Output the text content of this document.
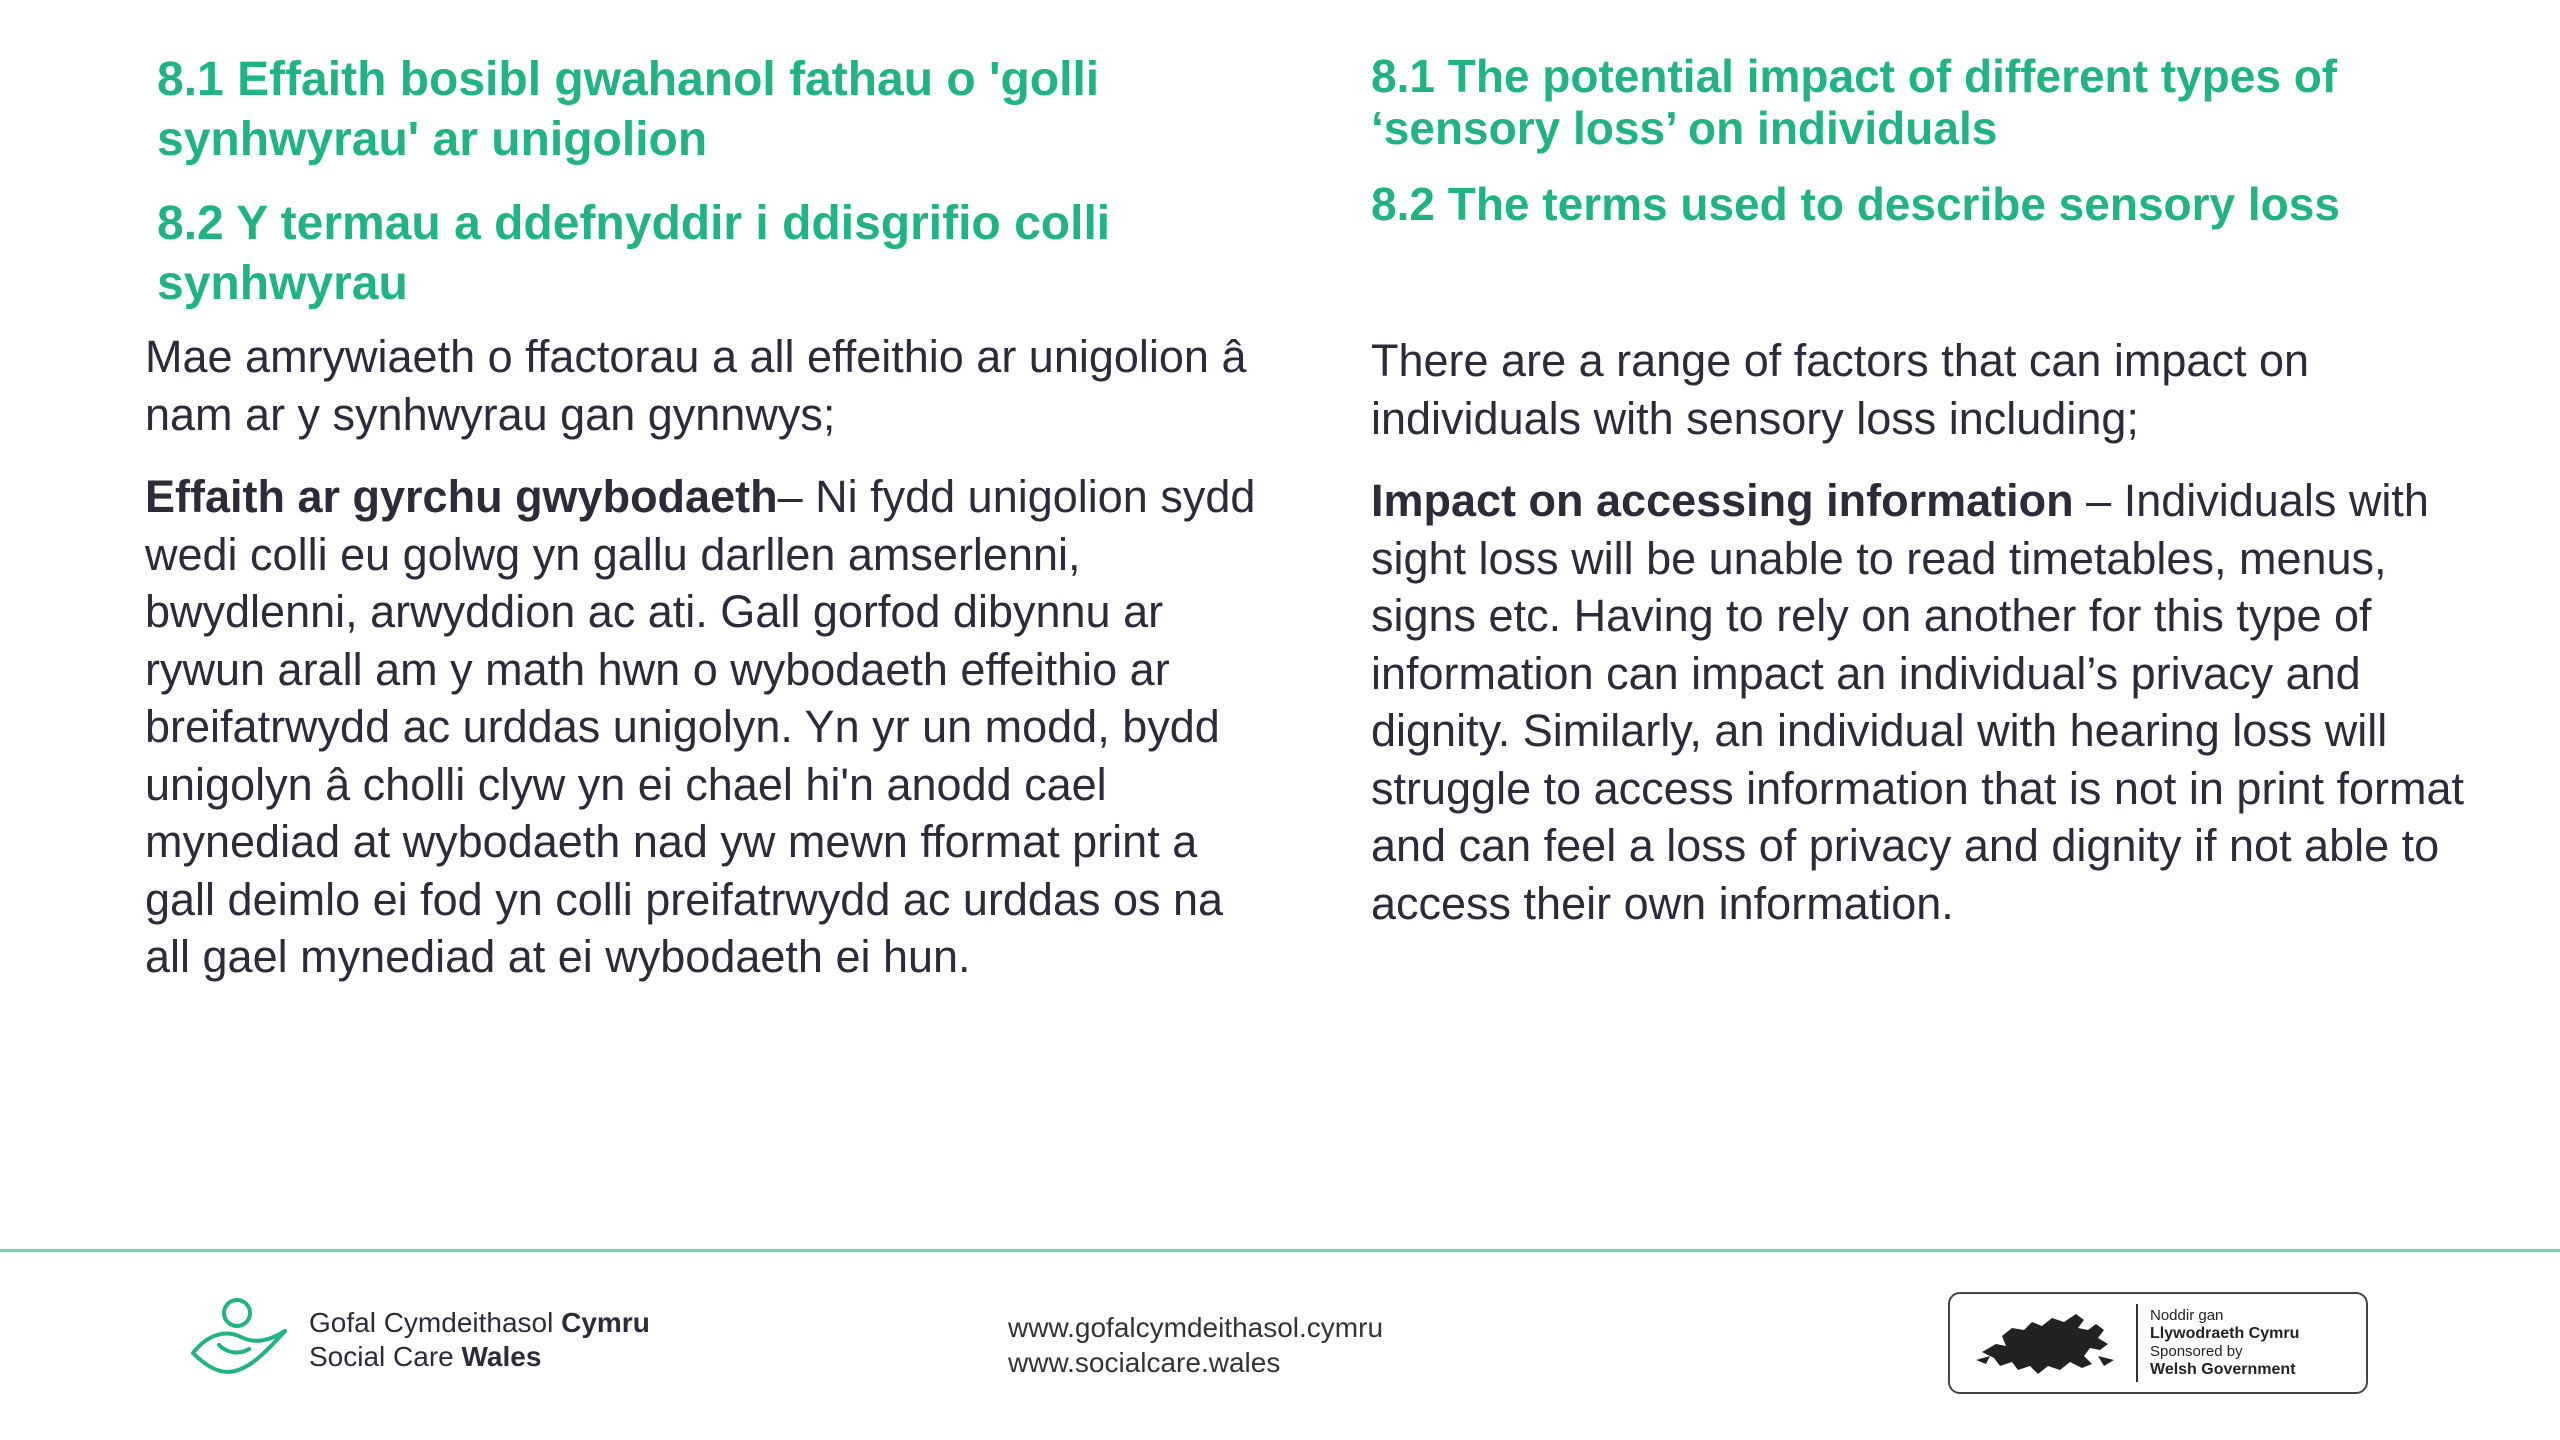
8.1 Effaith bosibl gwahanol fathau o 'golli synhwyrau' ar unigolion

8.2 Y termau a ddefnyddir i ddisgrifio colli synhwyrau

Mae amrywiaeth o ffactorau a all effeithio ar unigolion â nam ar y synhwyrau gan gynnwys;

Effaith ar gyrchu gwybodaeth– Ni fydd unigolion sydd wedi colli eu golwg yn gallu darllen amserlenni, bwydlenni, arwyddion ac ati. Gall gorfod dibynnu ar rywun arall am y math hwn o wybodaeth effeithio ar breifatrwydd ac urddas unigolyn. Yn yr un modd, bydd unigolyn â cholli clyw yn ei chael hi'n anodd cael mynediad at wybodaeth nad yw mewn fformat print a gall deimlo ei fod yn colli preifatrwydd ac urddas os na all gael mynediad at ei wybodaeth ei hun.

8.1 The potential impact of different types of ‘sensory loss’ on individuals

8.2 The terms used to describe sensory loss

There are a range of factors that can impact on individuals with sensory loss including;

Impact on accessing information – Individuals with sight loss will be unable to read timetables, menus, signs etc. Having to rely on another for this type of information can impact an individual’s privacy and dignity. Similarly, an individual with hearing loss will struggle to access information that is not in print format and can feel a loss of privacy and dignity if not able to access their own information.

Gofal Cymdeithasol Cymru
Social Care Wales
www.gofalcymdeithasol.cymru
www.socialcare.wales
Noddir gan
Llywodraeth Cymru
Sponsored by
Welsh Government
